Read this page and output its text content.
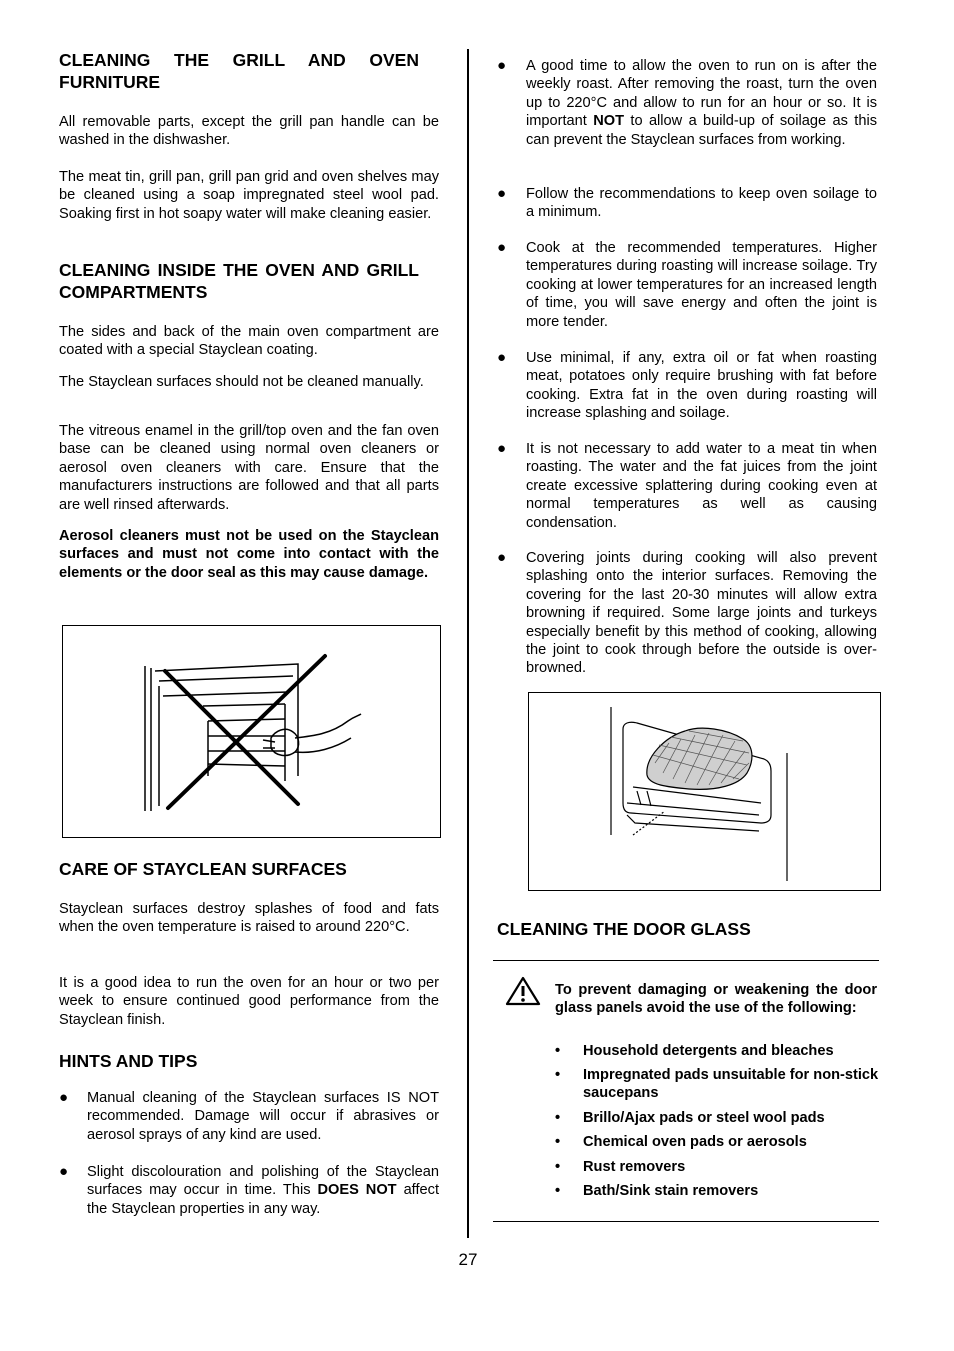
CLEANING THE GRILL AND OVEN FURNITURE

All removable parts, except the grill pan handle can be washed in the dishwasher.

The meat tin, grill pan, grill pan grid and oven shelves may be cleaned using a soap impregnated steel wool pad. Soaking first in hot soapy water will make cleaning easier.

CLEANING INSIDE THE OVEN AND GRILL COMPARTMENTS

The sides and back of the main oven compartment are coated with a special Stayclean coating.

The Stayclean surfaces should not be cleaned manually.

The vitreous enamel in the grill/top oven and the fan oven base can be cleaned using normal oven cleaners or aerosol oven cleaners with care. Ensure that the manufacturers instructions are followed and that all parts are well rinsed afterwards.

Aerosol cleaners must not be used on the Stayclean surfaces and must not come into contact with the elements or the door seal as this may cause damage.

CARE OF STAYCLEAN SURFACES

Stayclean surfaces destroy splashes of food and fats when the oven temperature is raised to around 220°C.

It is a good idea to run the oven for an hour or two per week to ensure continued good performance from the Stayclean finish.

HINTS AND TIPS
● Manual cleaning of the Stayclean surfaces IS NOT recommended. Damage will occur if abrasives or aerosol sprays of any kind are used.
● Slight discolouration and polishing of the Stayclean surfaces may occur in time. This DOES NOT affect the Stayclean properties in any way.
● A good time to allow the oven to run on is after the weekly roast. After removing the roast, turn the oven up to 220°C and allow to run for an hour or so. It is important NOT to allow a build-up of soilage as this can prevent the Stayclean surfaces from working.
● Follow the recommendations to keep oven soilage to a minimum.
● Cook at the recommended temperatures. Higher temperatures during roasting will increase soilage. Try cooking at lower temperatures for an increased length of time, you will save energy and often the joint is more tender.
● Use minimal, if any, extra oil or fat when roasting meat, potatoes only require brushing with fat before cooking. Extra fat in the oven during roasting will increase splashing and soilage.
● It is not necessary to add water to a meat tin when roasting. The water and the fat juices from the joint create excessive splattering during cooking even at normal temperatures as well as causing condensation.
● Covering joints during cooking will also prevent splashing onto the interior surfaces. Removing the covering for the last 20-30 minutes will allow extra browning if required. Some large joints and turkeys especially benefit by this method of cooking, allowing the joint to cook through before the outside is over-browned.
CLEANING THE DOOR GLASS

To prevent damaging or weakening the door glass panels avoid the use of the following:

• Household detergents and bleaches
• Impregnated pads unsuitable for non-stick saucepans
• Brillo/Ajax pads or steel wool pads
• Chemical oven pads or aerosols
• Rust removers
• Bath/Sink stain removers
27
